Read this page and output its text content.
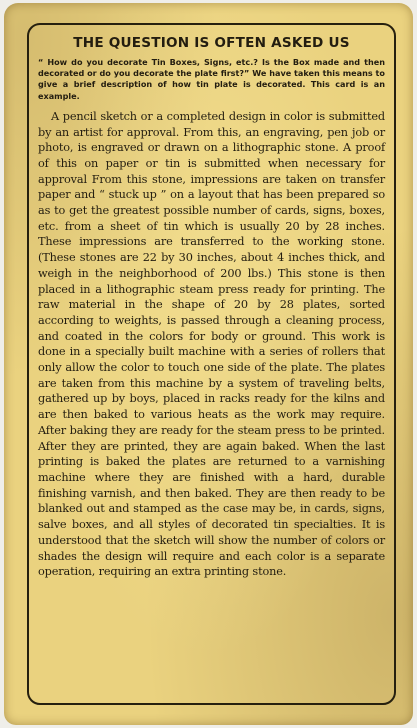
THE QUESTION IS OFTEN ASKED US

“ How do you decorate Tin Boxes, Signs, etc.? Is the Box made and then decorated or do you decorate the plate first?” We have taken this means to give a brief description of how tin plate is decorated. This card is an example.

A pencil sketch or a completed design in color is submitted by an artist for approval. From this, an engraving, pen job or photo, is engraved or drawn on a lithographic stone. A proof of this on paper or tin is submitted when necessary for approval From this stone, impressions are taken on transfer paper and “ stuck up ” on a layout that has been prepared so as to get the greatest possible number of cards, signs, boxes, etc. from a sheet of tin which is usually 20 by 28 inches. These impressions are transferred to the working stone. (These stones are 22 by 30 inches, about 4 inches thick, and weigh in the neighborhood of 200 lbs.) This stone is then placed in a lithographic steam press ready for printing. The raw material in the shape of 20 by 28 plates, sorted according to weights, is passed through a cleaning process, and coated in the colors for body or ground. This work is done in a specially built machine with a series of rollers that only allow the color to touch one side of the plate. The plates are taken from this machine by a system of traveling belts, gathered up by boys, placed in racks ready for the kilns and are then baked to various heats as the work may require. After baking they are ready for the steam press to be printed. After they are printed, they are again baked. When the last printing is baked the plates are returned to a varnishing machine where they are finished with a hard, durable finishing varnish, and then baked. They are then ready to be blanked out and stamped as the case may be, in cards, signs, salve boxes, and all styles of decorated tin specialties. It is understood that the sketch will show the number of colors or shades the design will require and each color is a separate operation, requiring an extra printing stone.
